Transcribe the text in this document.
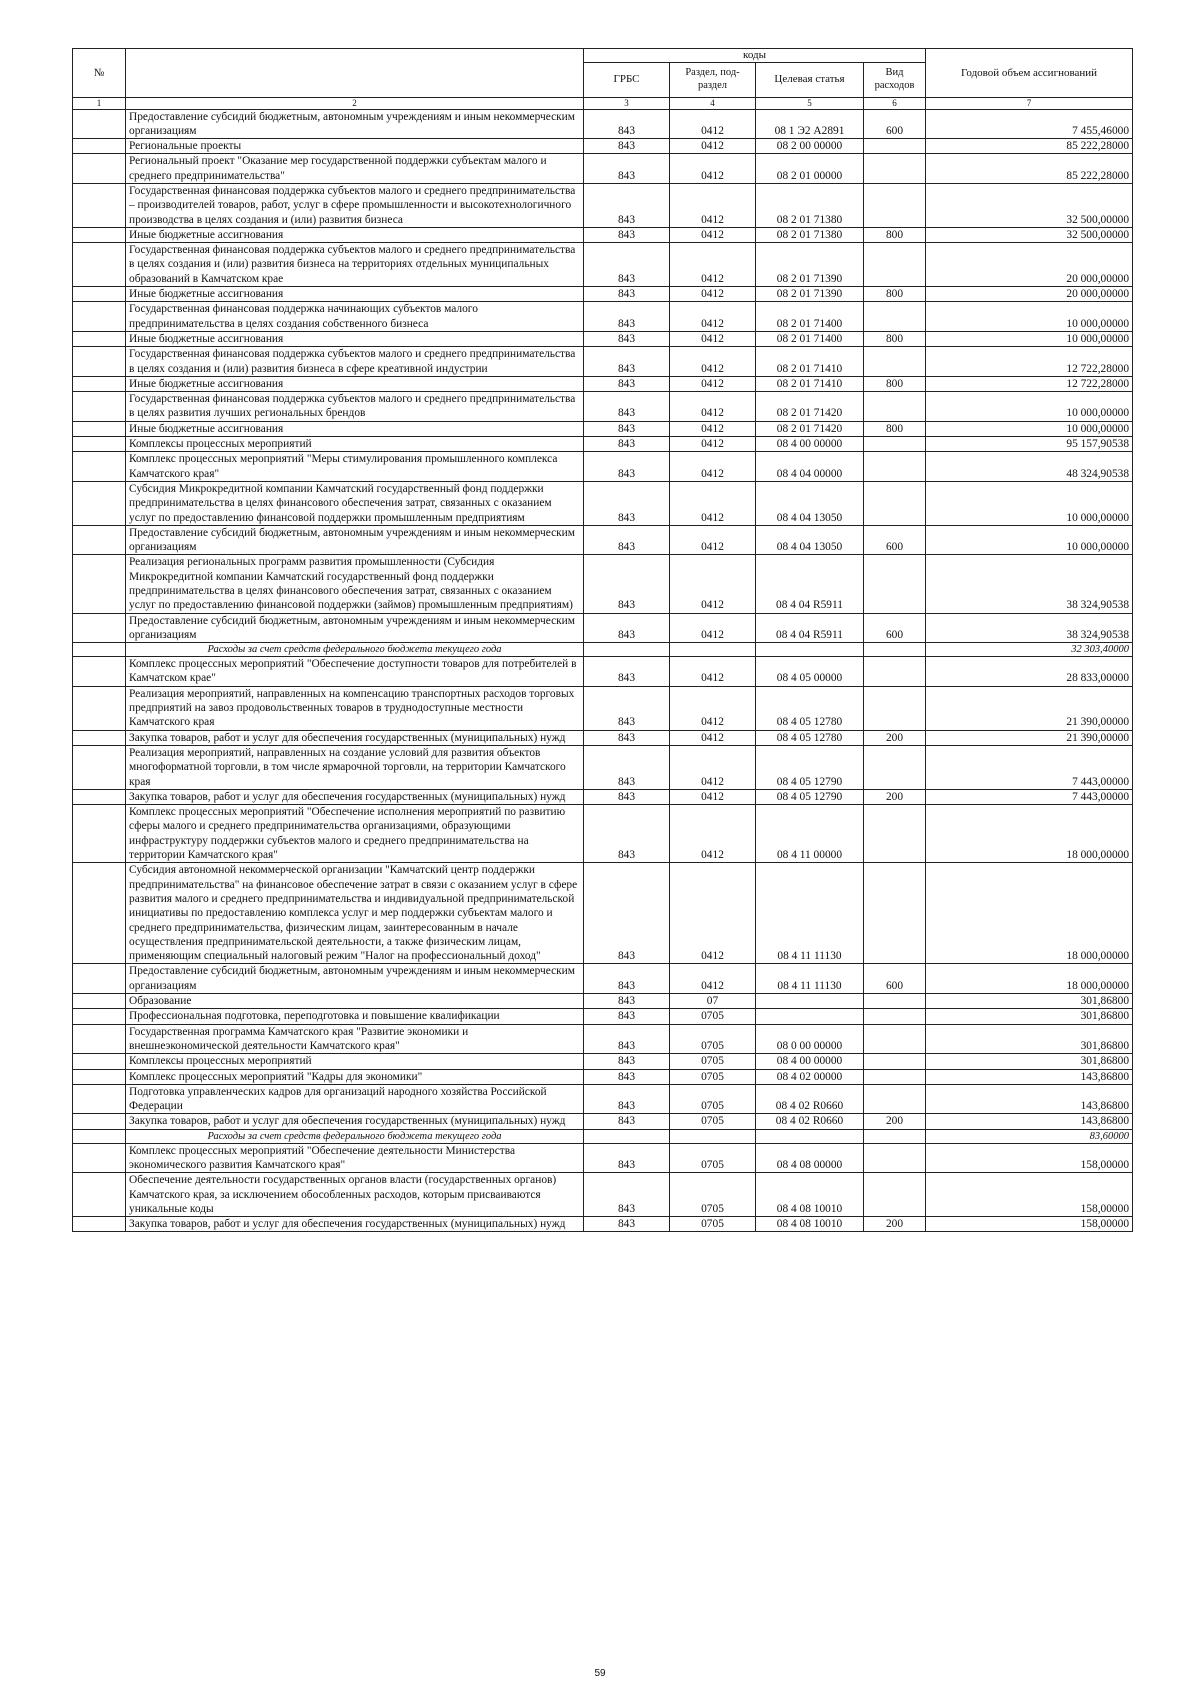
№		коды				Годовой объем ассигнований
		ГРБС	Раздел, под-раздел	Целевая статья	Вид расходов	
1	2	3	4	5	6	7
	Предоставление субсидий бюджетным, автономным учреждениям и иным некоммерческим организациям	843	0412	08 1 Э2 А2891	600	7 455,46000
	Региональные проекты	843	0412	08 2 00 00000		85 222,28000
	Региональный проект "Оказание мер государственной поддержки субъектам малого и среднего предпринимательства"	843	0412	08 2 01 00000		85 222,28000
	Государственная финансовая поддержка субъектов малого и среднего предпринимательства – производителей товаров, работ, услуг в сфере промышленности и высокотехнологичного производства в целях создания и (или) развития бизнеса	843	0412	08 2 01 71380		32 500,00000
	Иные бюджетные ассигнования	843	0412	08 2 01 71380	800	32 500,00000
	Государственная финансовая поддержка субъектов малого и среднего предпринимательства в целях создания и (или) развития бизнеса на территориях отдельных муниципальных образований в Камчатском крае	843	0412	08 2 01 71390		20 000,00000
	Иные бюджетные ассигнования	843	0412	08 2 01 71390	800	20 000,00000
	Государственная финансовая поддержка начинающих субъектов малого предпринимательства в целях создания собственного бизнеса	843	0412	08 2 01 71400		10 000,00000
	Иные бюджетные ассигнования	843	0412	08 2 01 71400	800	10 000,00000
	Государственная финансовая поддержка субъектов малого и среднего предпринимательства в целях создания и (или) развития бизнеса в сфере креативной индустрии	843	0412	08 2 01 71410		12 722,28000
	Иные бюджетные ассигнования	843	0412	08 2 01 71410	800	12 722,28000
	Государственная финансовая поддержка субъектов малого и среднего предпринимательства в целях развития лучших региональных брендов	843	0412	08 2 01 71420		10 000,00000
	Иные бюджетные ассигнования	843	0412	08 2 01 71420	800	10 000,00000
	Комплексы процессных мероприятий	843	0412	08 4 00 00000		95 157,90538
	Комплекс процессных мероприятий "Меры стимулирования промышленного комплекса Камчатского края"	843	0412	08 4 04 00000		48 324,90538
	Субсидия Микрокредитной компании Камчатский государственный фонд поддержки предпринимательства в целях финансового обеспечения затрат, связанных с оказанием услуг по предоставлению финансовой поддержки промышленным предприятиям	843	0412	08 4 04 13050		10 000,00000
	Предоставление субсидий бюджетным, автономным учреждениям и иным некоммерческим организациям	843	0412	08 4 04 13050	600	10 000,00000
	Реализация региональных программ развития промышленности (Субсидия Микрокредитной компании Камчатский государственный фонд поддержки предпринимательства в целях финансового обеспечения затрат, связанных с оказанием услуг по предоставлению финансовой поддержки (займов) промышленным предприятиям)	843	0412	08 4 04 R5911		38 324,90538
	Предоставление субсидий бюджетным, автономным учреждениям и иным некоммерческим организациям	843	0412	08 4 04 R5911	600	38 324,90538
	Расходы за счет средств федерального бюджета текущего года					32 303,40000
	Комплекс процессных мероприятий "Обеспечение доступности товаров для потребителей в Камчатском крае"	843	0412	08 4 05 00000		28 833,00000
	Реализация мероприятий, направленных на компенсацию транспортных расходов торговых предприятий на завоз продовольственных товаров в труднодоступные местности Камчатского края	843	0412	08 4 05 12780		21 390,00000
	Закупка товаров, работ и услуг для обеспечения государственных (муниципальных) нужд	843	0412	08 4 05 12780	200	21 390,00000
	Реализация мероприятий, направленных на создание условий для развития объектов многоформатной торговли, в том числе ярмарочной торговли, на территории Камчатского края	843	0412	08 4 05 12790		7 443,00000
	Закупка товаров, работ и услуг для обеспечения государственных (муниципальных) нужд	843	0412	08 4 05 12790	200	7 443,00000
	Комплекс процессных мероприятий "Обеспечение исполнения мероприятий по развитию сферы малого и среднего предпринимательства организациями, образующими инфраструктуру поддержки субъектов малого и среднего предпринимательства на территории Камчатского края"	843	0412	08 4 11 00000		18 000,00000
	Субсидия автономной некоммерческой организации "Камчатский центр поддержки предпринимательства" на финансовое обеспечение затрат в связи с оказанием услуг в сфере развития малого и среднего предпринимательства и индивидуальной предпринимательской инициативы по предоставлению комплекса услуг и мер поддержки субъектам малого и среднего предпринимательства, физическим лицам, заинтересованным в начале осуществления предпринимательской деятельности, а также физическим лицам, применяющим специальный налоговый режим "Налог на профессиональный доход"	843	0412	08 4 11 11130		18 000,00000
	Предоставление субсидий бюджетным, автономным учреждениям и иным некоммерческим организациям	843	0412	08 4 11 11130	600	18 000,00000
	Образование	843	07			301,86800
	Профессиональная подготовка, переподготовка и повышение квалификации	843	0705			301,86800
	Государственная программа Камчатского края "Развитие экономики и внешнеэкономической деятельности Камчатского края"	843	0705	08 0 00 00000		301,86800
	Комплексы процессных мероприятий	843	0705	08 4 00 00000		301,86800
	Комплекс процессных мероприятий "Кадры для экономики"	843	0705	08 4 02 00000		143,86800
	Подготовка управленческих кадров для организаций народного хозяйства Российской Федерации	843	0705	08 4 02 R0660		143,86800
	Закупка товаров, работ и услуг для обеспечения государственных (муниципальных) нужд	843	0705	08 4 02 R0660	200	143,86800
	Расходы за счет средств федерального бюджета текущего года					83,60000
	Комплекс процессных мероприятий "Обеспечение деятельности Министерства экономического развития Камчатского края"	843	0705	08 4 08 00000		158,00000
	Обеспечение деятельности государственных органов власти (государственных органов) Камчатского края, за исключением обособленных расходов, которым присваиваются уникальные коды	843	0705	08 4 08 10010		158,00000
	Закупка товаров, работ и услуг для обеспечения государственных (муниципальных) нужд	843	0705	08 4 08 10010	200	158,00000
59
